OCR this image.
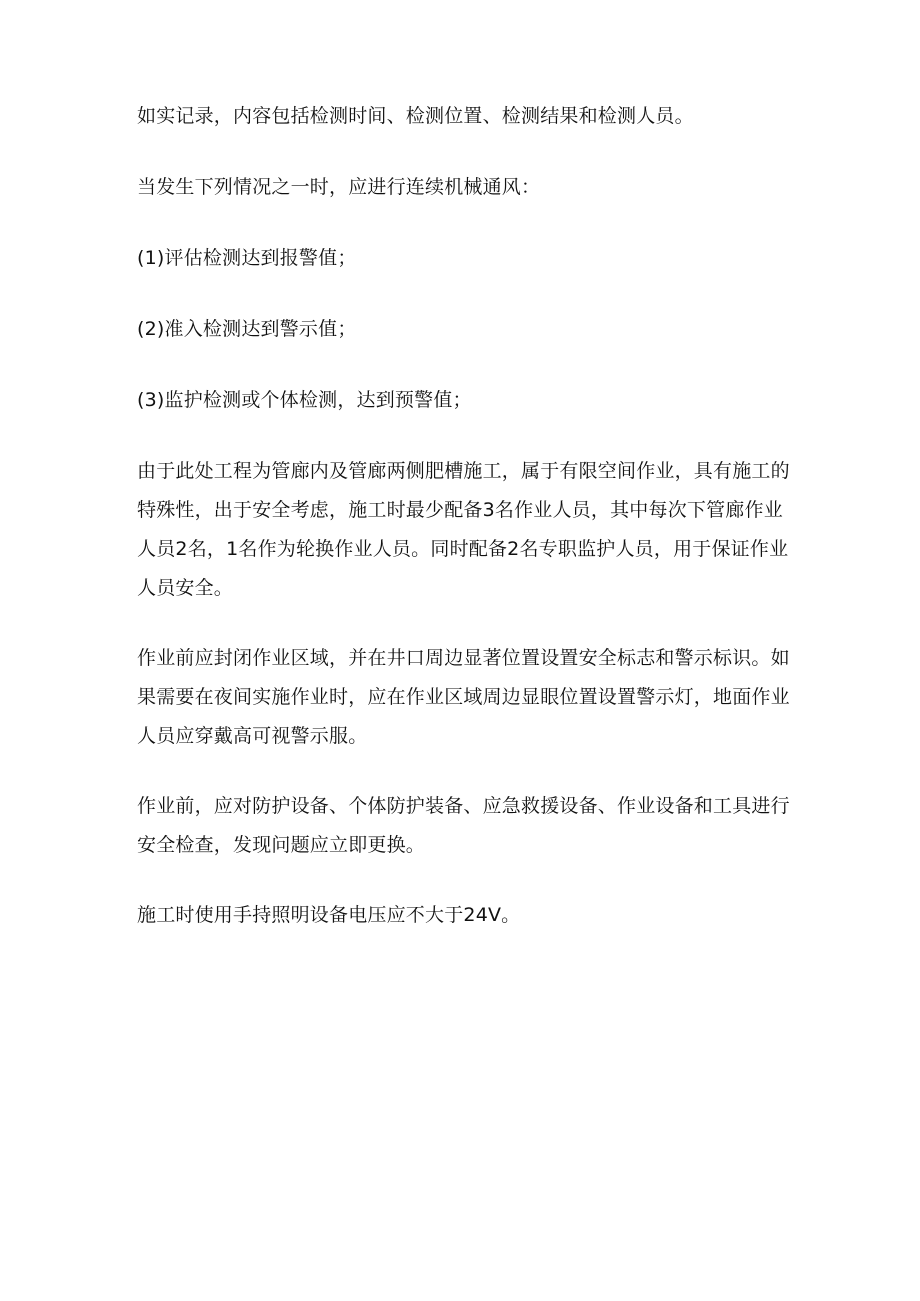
如实记录，内容包括检测时间、检测位置、检测结果和检测人员。

当发生下列情况之一时，应进行连续机械通风：

(1)评估检测达到报警值；

(2)准入检测达到警示值；

(3)监护检测或个体检测，达到预警值；

由于此处工程为管廊内及管廊两侧肥槽施工，属于有限空间作业，具有施工的特殊性，出于安全考虑，施工时最少配备3名作业人员，其中每次下管廊作业人员2名，1名作为轮换作业人员。同时配备2名专职监护人员，用于保证作业人员安全。

作业前应封闭作业区域，并在井口周边显著位置设置安全标志和警示标识。如果需要在夜间实施作业时，应在作业区域周边显眼位置设置警示灯，地面作业人员应穿戴高可视警示服。

作业前，应对防护设备、个体防护装备、应急救援设备、作业设备和工具进行安全检查，发现问题应立即更换。

施工时使用手持照明设备电压应不大于24V。
